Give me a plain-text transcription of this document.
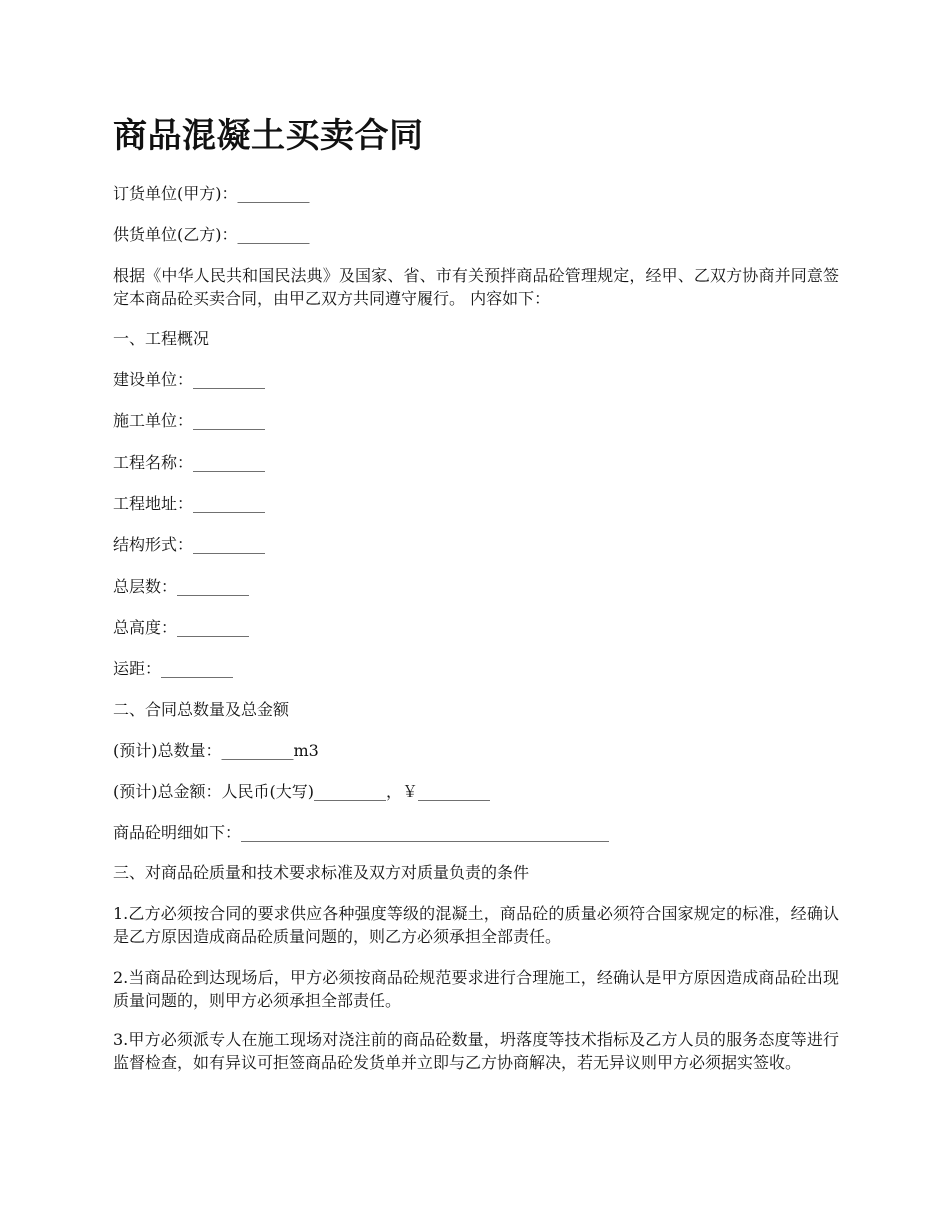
商品混凝土买卖合同

订货单位(甲方)：_________

供货单位(乙方)：_________

根据《中华人民共和国民法典》及国家、省、市有关预拌商品砼管理规定，经甲、乙双方协商并同意签定本商品砼买卖合同，由甲乙双方共同遵守履行。 内容如下：

一、工程概况

建设单位：_________

施工单位：_________

工程名称：_________

工程地址：_________

结构形式：_________

总层数：_________

总高度：_________

运距：_________

二、合同总数量及总金额

(预计)总数量：_________m3

(预计)总金额：人民币(大写)_________，￥_________

商品砼明细如下：______________________________________________

三、对商品砼质量和技术要求标准及双方对质量负责的条件

1.乙方必须按合同的要求供应各种强度等级的混凝土，商品砼的质量必须符合国家规定的标准，经确认是乙方原因造成商品砼质量问题的，则乙方必须承担全部责任。

2.当商品砼到达现场后，甲方必须按商品砼规范要求进行合理施工，经确认是甲方原因造成商品砼出现质量问题的，则甲方必须承担全部责任。

3.甲方必须派专人在施工现场对浇注前的商品砼数量，坍落度等技术指标及乙方人员的服务态度等进行监督检查，如有异议可拒签商品砼发货单并立即与乙方协商解决，若无异议则甲方必须据实签收。
